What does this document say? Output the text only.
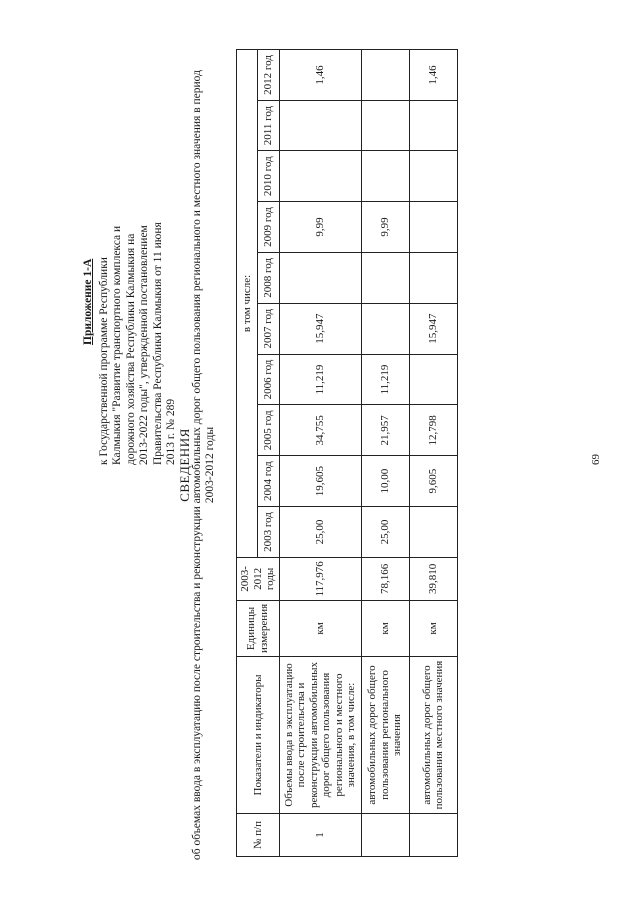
Приложение 1-А к Государственной программе Республики Калмыкия "Развитие транспортного комплекса и дорожного хозяйства Республики Калмыкия на 2013-2022 годы", утвержденной постановлением Правительства Республики Калмыкия от 11 июня 2013 г. № 289 СВЕДЕНИЯ об объемах ввода в эксплуатацию после строительства и реконструкции автомобильных дорог общего пользования регионального и местного значения в период 2003-2012 годы
№ п/п	Показатели и индикаторы	Единицы измерения	2003-2012 годы	в том числе:									
				2003 год	2004 год	2005 год	2006 год	2007 год	2008 год	2009 год	2010 год	2011 год	2012 год
1	Объемы ввода в эксплуатацию после строительства и реконструкции автомобильных дорог общего пользования регионального и местного значения, в том числе:	км	117,976	25,00	19,605	34,755	11,219	15,947		9,99			1,46
	автомобильных дорог общего пользования регионального значения	км	78,166	25,00	10,00	21,957	11,219			9,99			
	автомобильных дорог общего пользования местного значения	км	39,810		9,605	12,798		15,947					1,46
69
